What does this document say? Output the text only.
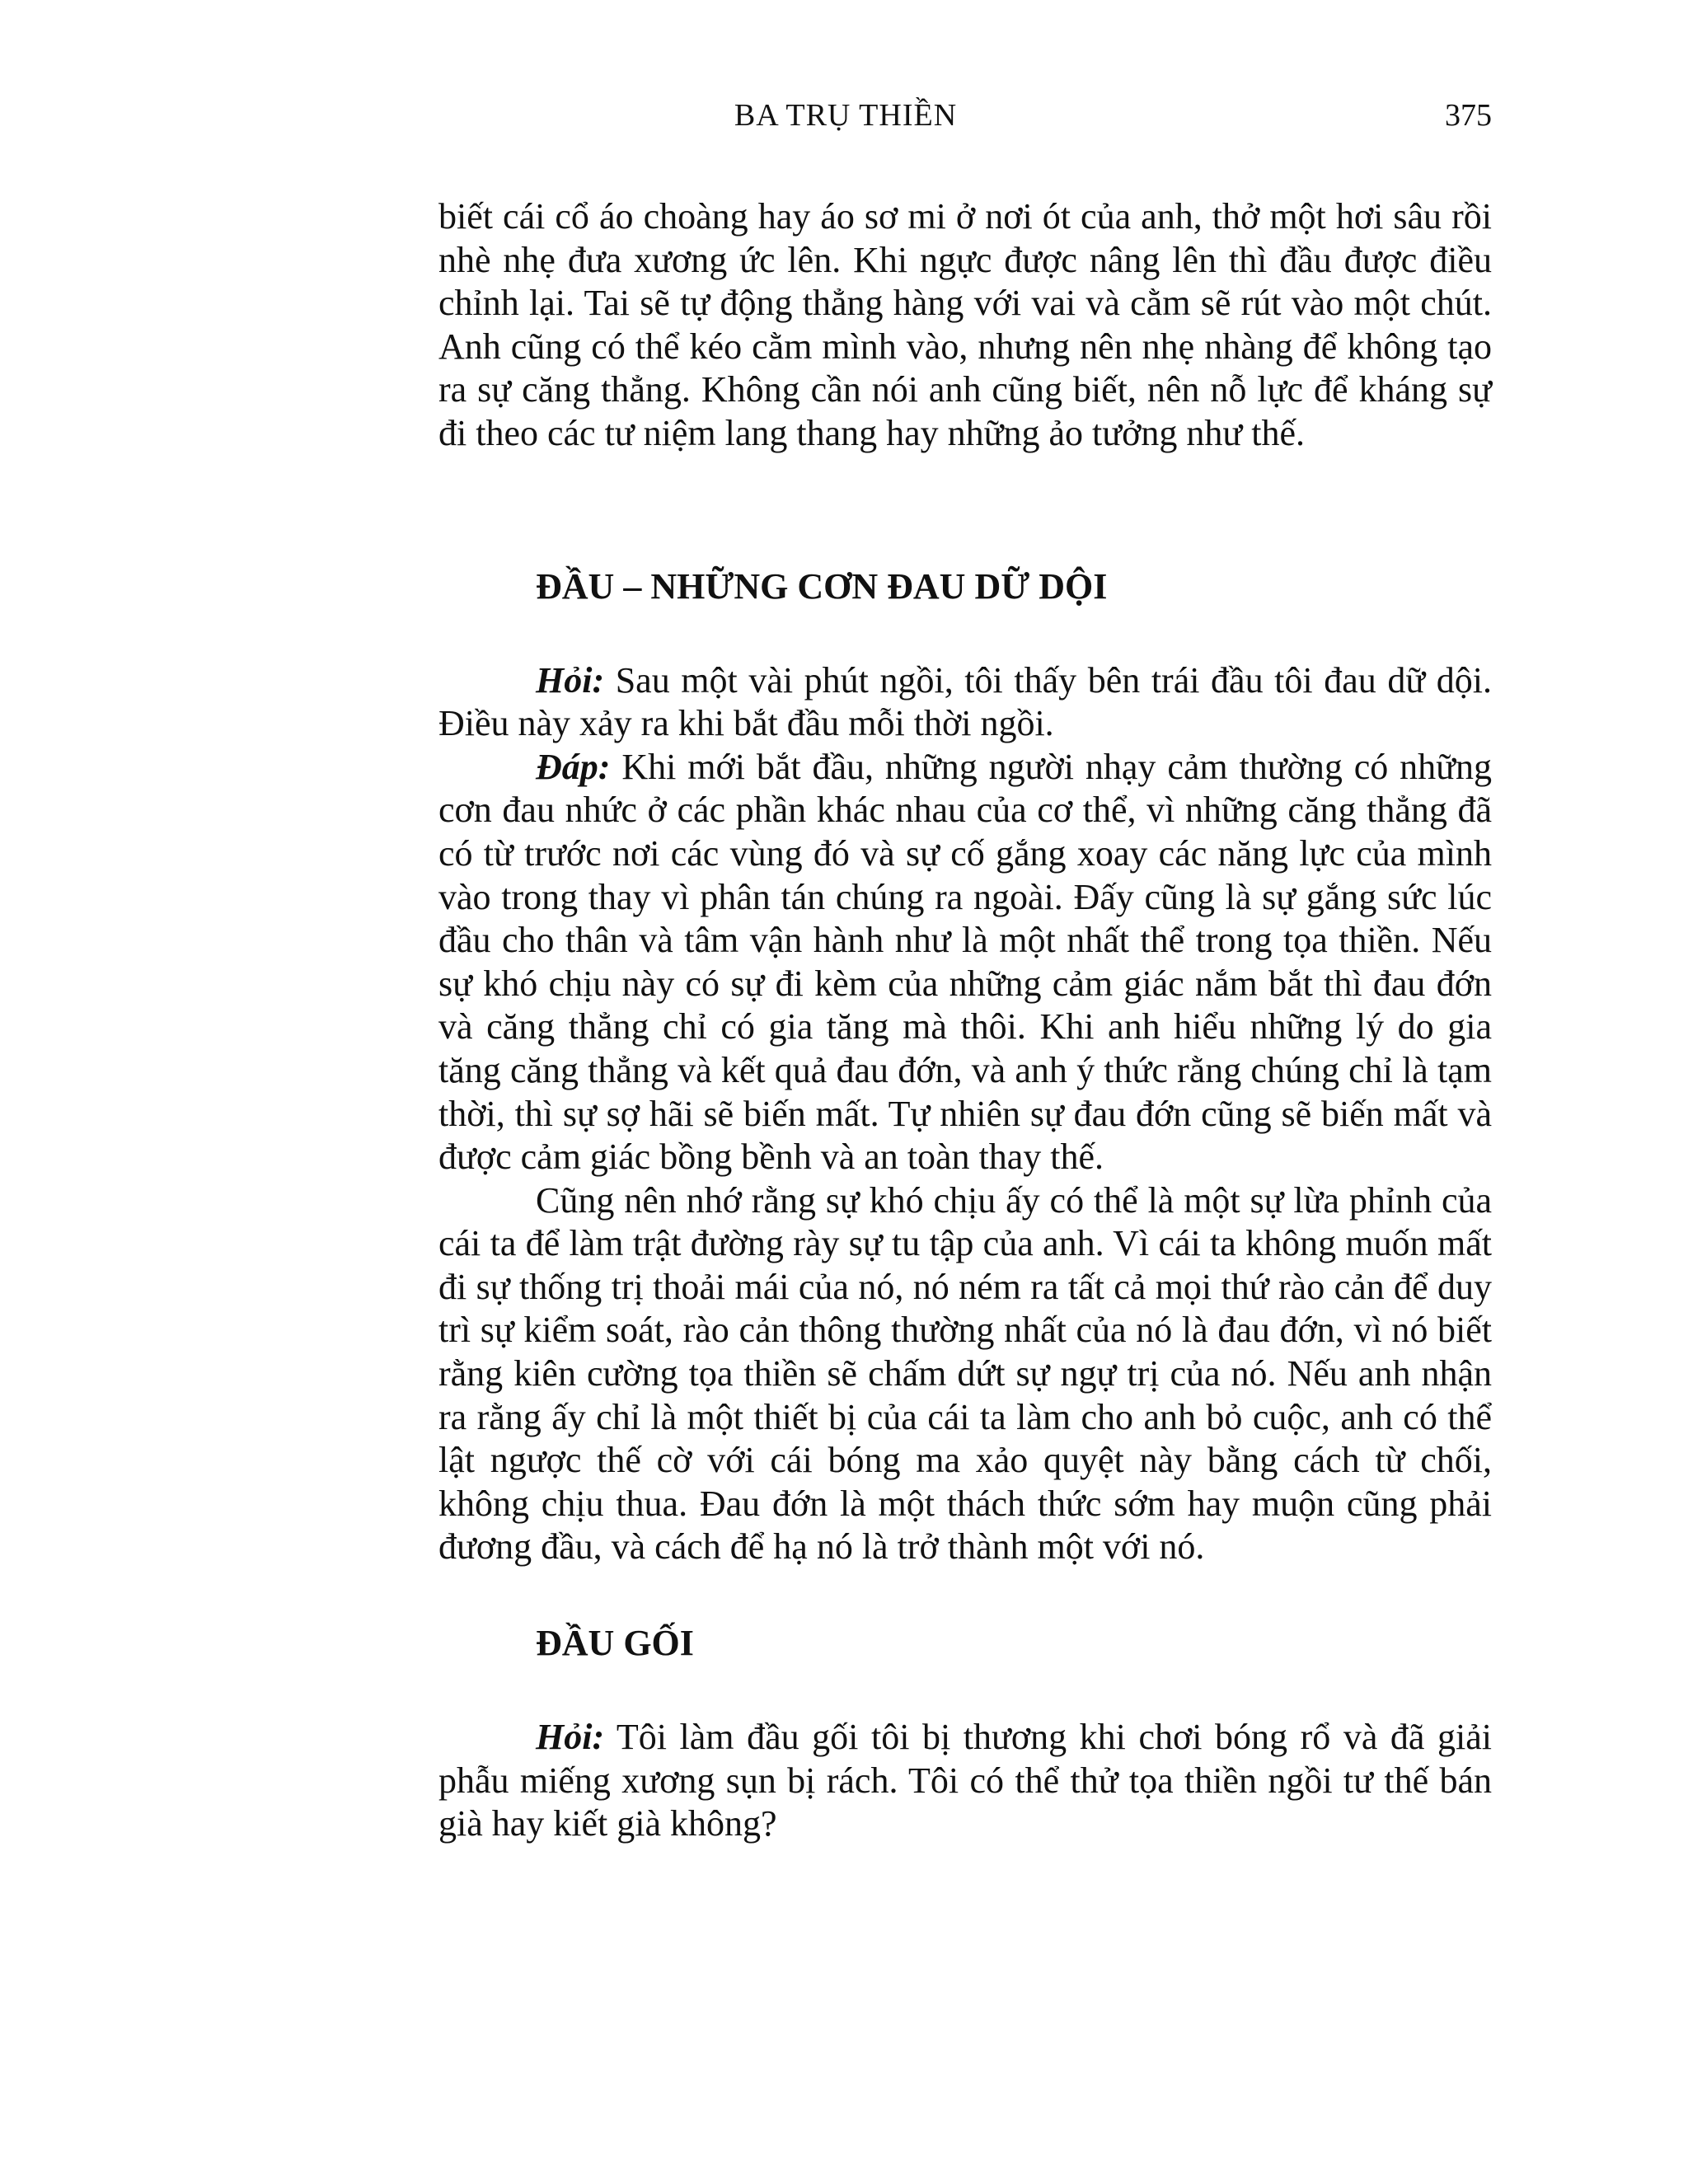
BA TRỤ THIỀN	375

biết cái cổ áo choàng hay áo sơ mi ở nơi ót của anh, thở một hơi sâu rồi nhè nhẹ đưa xương ức lên. Khi ngực được nâng lên thì đầu được điều chỉnh lại. Tai sẽ tự động thẳng hàng với vai và cằm sẽ rút vào một chút. Anh cũng có thể kéo cằm mình vào, nhưng nên nhẹ nhàng để không tạo ra sự căng thẳng. Không cần nói anh cũng biết, nên nỗ lực để kháng sự đi theo các tư niệm lang thang hay những ảo tưởng như thế.

ĐẦU – NHỮNG CƠN ĐAU DỮ DỘI

Hỏi: Sau một vài phút ngồi, tôi thấy bên trái đầu tôi đau dữ dội. Điều này xảy ra khi bắt đầu mỗi thời ngồi.

Đáp: Khi mới bắt đầu, những người nhạy cảm thường có những cơn đau nhức ở các phần khác nhau của cơ thể, vì những căng thẳng đã có từ trước nơi các vùng đó và sự cố gắng xoay các năng lực của mình vào trong thay vì phân tán chúng ra ngoài. Đấy cũng là sự gắng sức lúc đầu cho thân và tâm vận hành như là một nhất thể trong tọa thiền. Nếu sự khó chịu này có sự đi kèm của những cảm giác nắm bắt thì đau đớn và căng thẳng chỉ có gia tăng mà thôi. Khi anh hiểu những lý do gia tăng căng thẳng và kết quả đau đớn, và anh ý thức rằng chúng chỉ là tạm thời, thì sự sợ hãi sẽ biến mất. Tự nhiên sự đau đớn cũng sẽ biến mất và được cảm giác bồng bềnh và an toàn thay thế.

Cũng nên nhớ rằng sự khó chịu ấy có thể là một sự lừa phỉnh của cái ta để làm trật đường rày sự tu tập của anh. Vì cái ta không muốn mất đi sự thống trị thoải mái của nó, nó ném ra tất cả mọi thứ rào cản để duy trì sự kiểm soát, rào cản thông thường nhất của nó là đau đớn, vì nó biết rằng kiên cường tọa thiền sẽ chấm dứt sự ngự trị của nó. Nếu anh nhận ra rằng ấy chỉ là một thiết bị của cái ta làm cho anh bỏ cuộc, anh có thể lật ngược thế cờ với cái bóng ma xảo quyệt này bằng cách từ chối, không chịu thua. Đau đớn là một thách thức sớm hay muộn cũng phải đương đầu, và cách để hạ nó là trở thành một với nó.

ĐẦU GỐI

Hỏi: Tôi làm đầu gối tôi bị thương khi chơi bóng rổ và đã giải phẫu miếng xương sụn bị rách. Tôi có thể thử tọa thiền ngồi tư thế bán già hay kiết già không?
